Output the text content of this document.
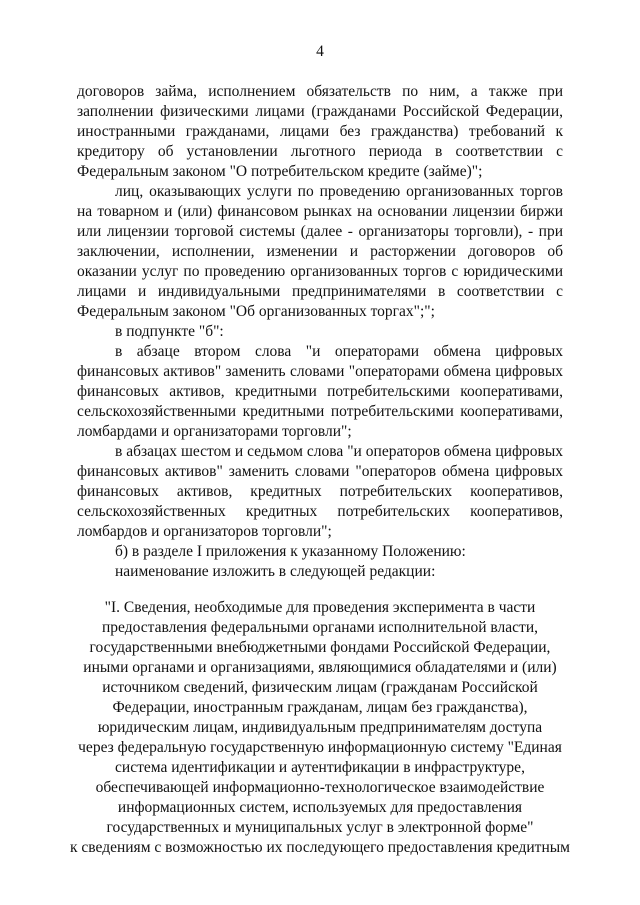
4

договоров займа, исполнением обязательств по ним, а также при заполнении физическими лицами (гражданами Российской Федерации, иностранными гражданами, лицами без гражданства) требований к кредитору об установлении льготного периода в соответствии с Федеральным законом "О потребительском кредите (займе)";

лиц, оказывающих услуги по проведению организованных торгов на товарном и (или) финансовом рынках на основании лицензии биржи или лицензии торговой системы (далее - организаторы торговли), - при заключении, исполнении, изменении и расторжении договоров об оказании услуг по проведению организованных торгов с юридическими лицами и индивидуальными предпринимателями в соответствии с Федеральным законом "Об организованных торгах";";

в подпункте "б":

в абзаце втором слова "и операторами обмена цифровых финансовых активов" заменить словами "операторами обмена цифровых финансовых активов, кредитными потребительскими кооперативами, сельскохозяйственными кредитными потребительскими кооперативами, ломбардами и организаторами торговли";

в абзацах шестом и седьмом слова "и операторов обмена цифровых финансовых активов" заменить словами "операторов обмена цифровых финансовых активов, кредитных потребительских кооперативов, сельскохозяйственных кредитных потребительских кооперативов, ломбардов и организаторов торговли";

б) в разделе I приложения к указанному Положению:

наименование изложить в следующей редакции:

"I. Сведения, необходимые для проведения эксперимента в части
предоставления федеральными органами исполнительной власти,
государственными внебюджетными фондами Российской Федерации,
иными органами и организациями, являющимися обладателями и (или)
источником сведений, физическим лицам (гражданам Российской
Федерации, иностранным гражданам, лицам без гражданства),
юридическим лицам, индивидуальным предпринимателям доступа
через федеральную государственную информационную систему "Единая
система идентификации и аутентификации в инфраструктуре,
обеспечивающей информационно-технологическое взаимодействие
информационных систем, используемых для предоставления
государственных и муниципальных услуг в электронной форме"
к сведениям с возможностью их последующего предоставления кредитным
